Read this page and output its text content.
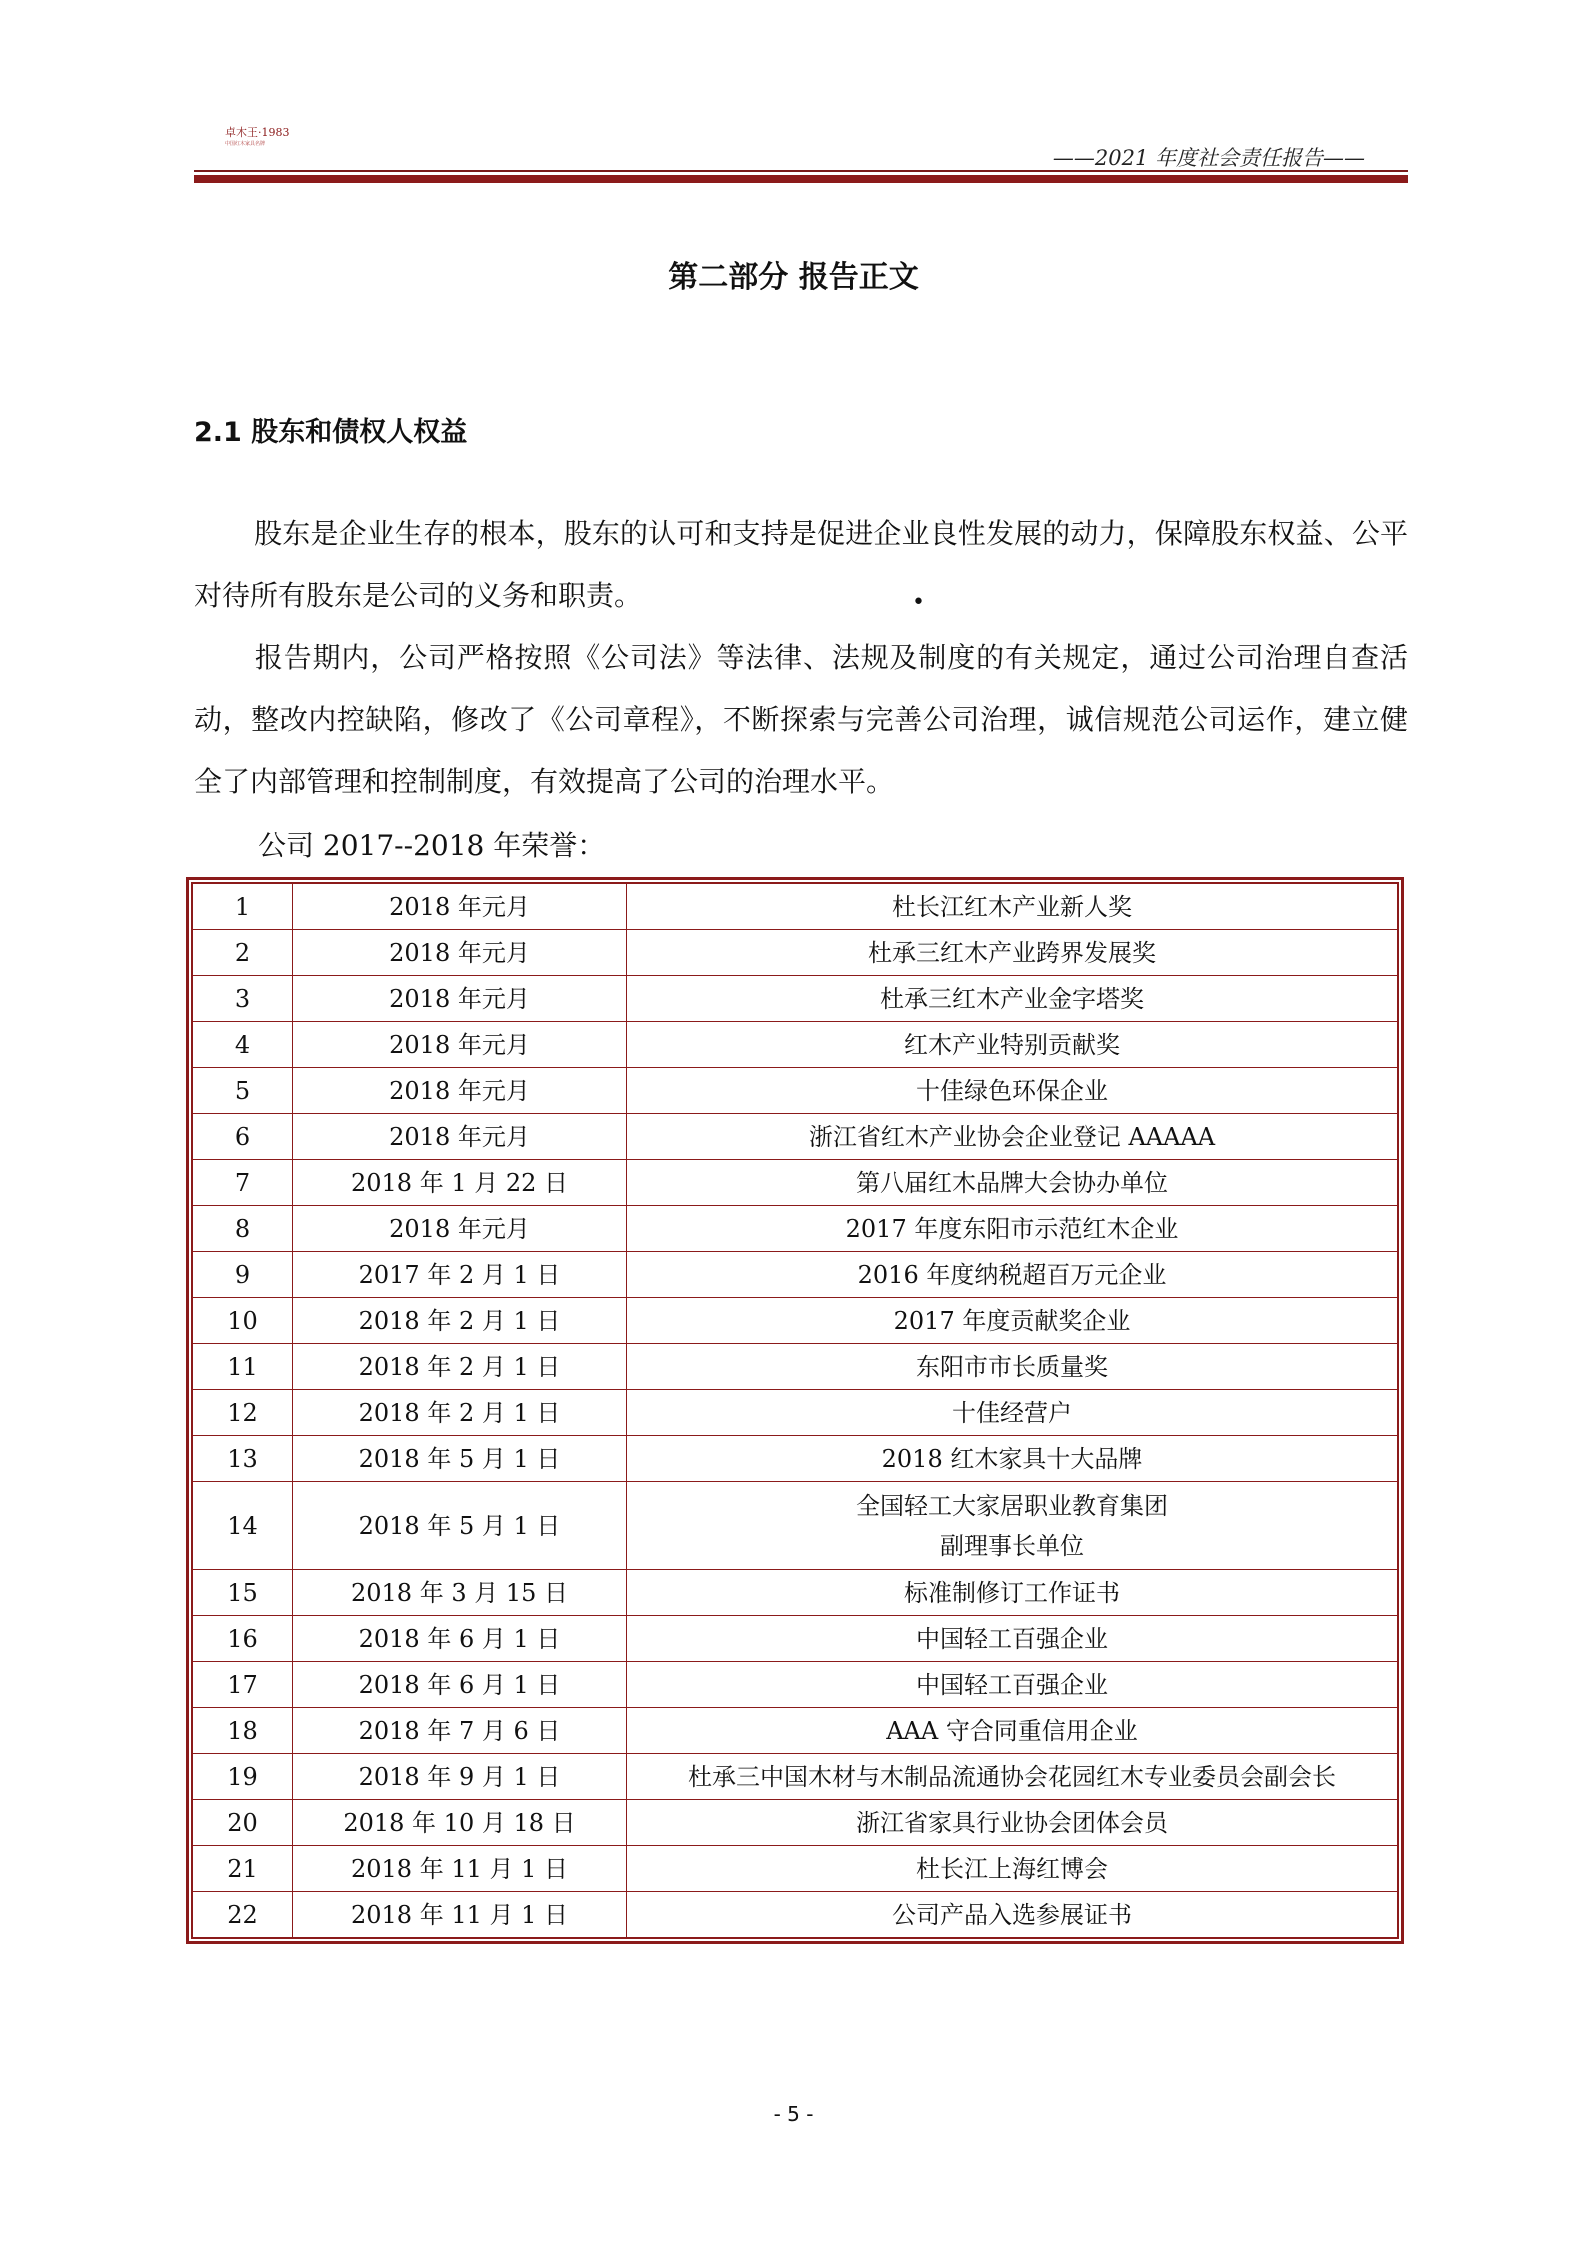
卓木王·1983
中国红木家具名牌
——2021 年度社会责任报告——
第二部分 报告正文
2.1 股东和债权人权益
股东是企业生存的根本，股东的认可和支持是促进企业良性发展的动力，保障股东权益、公平对待所有股东是公司的义务和职责。	•
报告期内，公司严格按照《公司法》等法律、法规及制度的有关规定，通过公司治理自查活动，整改内控缺陷，修改了《公司章程》，不断探索与完善公司治理，诚信规范公司运作，建立健全了内部管理和控制制度，有效提高了公司的治理水平。
公司 2017--2018 年荣誉：
1	2018 年元月	杜长江红木产业新人奖
2	2018 年元月	杜承三红木产业跨界发展奖
3	2018 年元月	杜承三红木产业金字塔奖
4	2018 年元月	红木产业特别贡献奖
5	2018 年元月	十佳绿色环保企业
6	2018 年元月	浙江省红木产业协会企业登记 AAAAA
7	2018 年 1 月 22 日	第八届红木品牌大会协办单位
8	2018 年元月	2017 年度东阳市示范红木企业
9	2017 年 2 月 1 日	2016 年度纳税超百万元企业
10	2018 年 2 月 1 日	2017 年度贡献奖企业
11	2018 年 2 月 1 日	东阳市市长质量奖
12	2018 年 2 月 1 日	十佳经营户
13	2018 年 5 月 1 日	2018 红木家具十大品牌
14	2018 年 5 月 1 日	全国轻工大家居职业教育集团
副理事长单位

15	2018 年 3 月 15 日	标准制修订工作证书
16	2018 年 6 月 1 日	中国轻工百强企业
17	2018 年 6 月 1 日	中国轻工百强企业
18	2018 年 7 月 6 日	AAA 守合同重信用企业
19	2018 年 9 月 1 日	杜承三中国木材与木制品流通协会花园红木专业委员会副会长
20	2018 年 10 月 18 日	浙江省家具行业协会团体会员
21	2018 年 11 月 1 日	杜长江上海红博会
22	2018 年 11 月 1 日	公司产品入选参展证书
- 5 -
